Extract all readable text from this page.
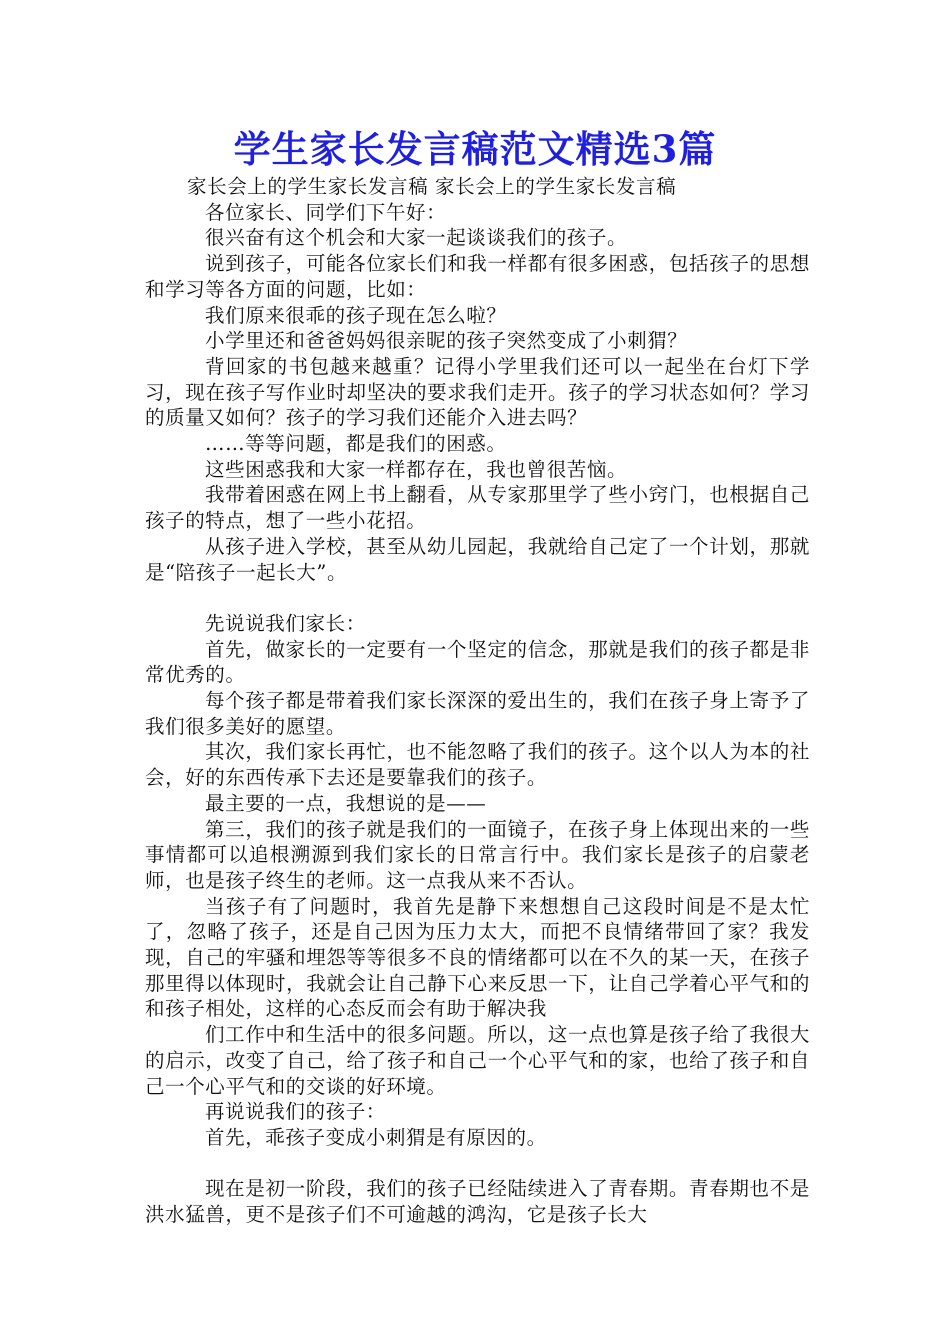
学生家长发言稿范文精选3篇

家长会上的学生家长发言稿 家长会上的学生家长发言稿

各位家长、同学们下午好：

很兴奋有这个机会和大家一起谈谈我们的孩子。

说到孩子，可能各位家长们和我一样都有很多困惑，包括孩子的思想和学习等各方面的问题，比如：

我们原来很乖的孩子现在怎么啦？

小学里还和爸爸妈妈很亲昵的孩子突然变成了小刺猬？

背回家的书包越来越重？记得小学里我们还可以一起坐在台灯下学习，现在孩子写作业时却坚决的要求我们走开。孩子的学习状态如何？学习的质量又如何？孩子的学习我们还能介入进去吗？

……等等问题，都是我们的困惑。

这些困惑我和大家一样都存在，我也曾很苦恼。

我带着困惑在网上书上翻看，从专家那里学了些小窍门，也根据自己孩子的特点，想了一些小花招。

从孩子进入学校，甚至从幼儿园起，我就给自己定了一个计划，那就是“陪孩子一起长大”。

先说说我们家长：

首先，做家长的一定要有一个坚定的信念，那就是我们的孩子都是非常优秀的。

每个孩子都是带着我们家长深深的爱出生的，我们在孩子身上寄予了我们很多美好的愿望。

其次，我们家长再忙，也不能忽略了我们的孩子。这个以人为本的社会，好的东西传承下去还是要靠我们的孩子。

最主要的一点，我想说的是——

第三，我们的孩子就是我们的一面镜子，在孩子身上体现出来的一些事情都可以追根溯源到我们家长的日常言行中。我们家长是孩子的启蒙老师，也是孩子终生的老师。这一点我从来不否认。

当孩子有了问题时，我首先是静下来想想自己这段时间是不是太忙了，忽略了孩子，还是自己因为压力太大，而把不良情绪带回了家？我发现，自己的牢骚和埋怨等等很多不良的情绪都可以在不久的某一天，在孩子那里得以体现时，我就会让自己静下心来反思一下，让自己学着心平气和的和孩子相处，这样的心态反而会有助于解决我

们工作中和生活中的很多问题。所以，这一点也算是孩子给了我很大的启示，改变了自己，给了孩子和自己一个心平气和的家，也给了孩子和自己一个心平气和的交谈的好环境。

再说说我们的孩子：

首先，乖孩子变成小刺猬是有原因的。

现在是初一阶段，我们的孩子已经陆续进入了青春期。青春期也不是洪水猛兽，更不是孩子们不可逾越的鸿沟，它是孩子长大
